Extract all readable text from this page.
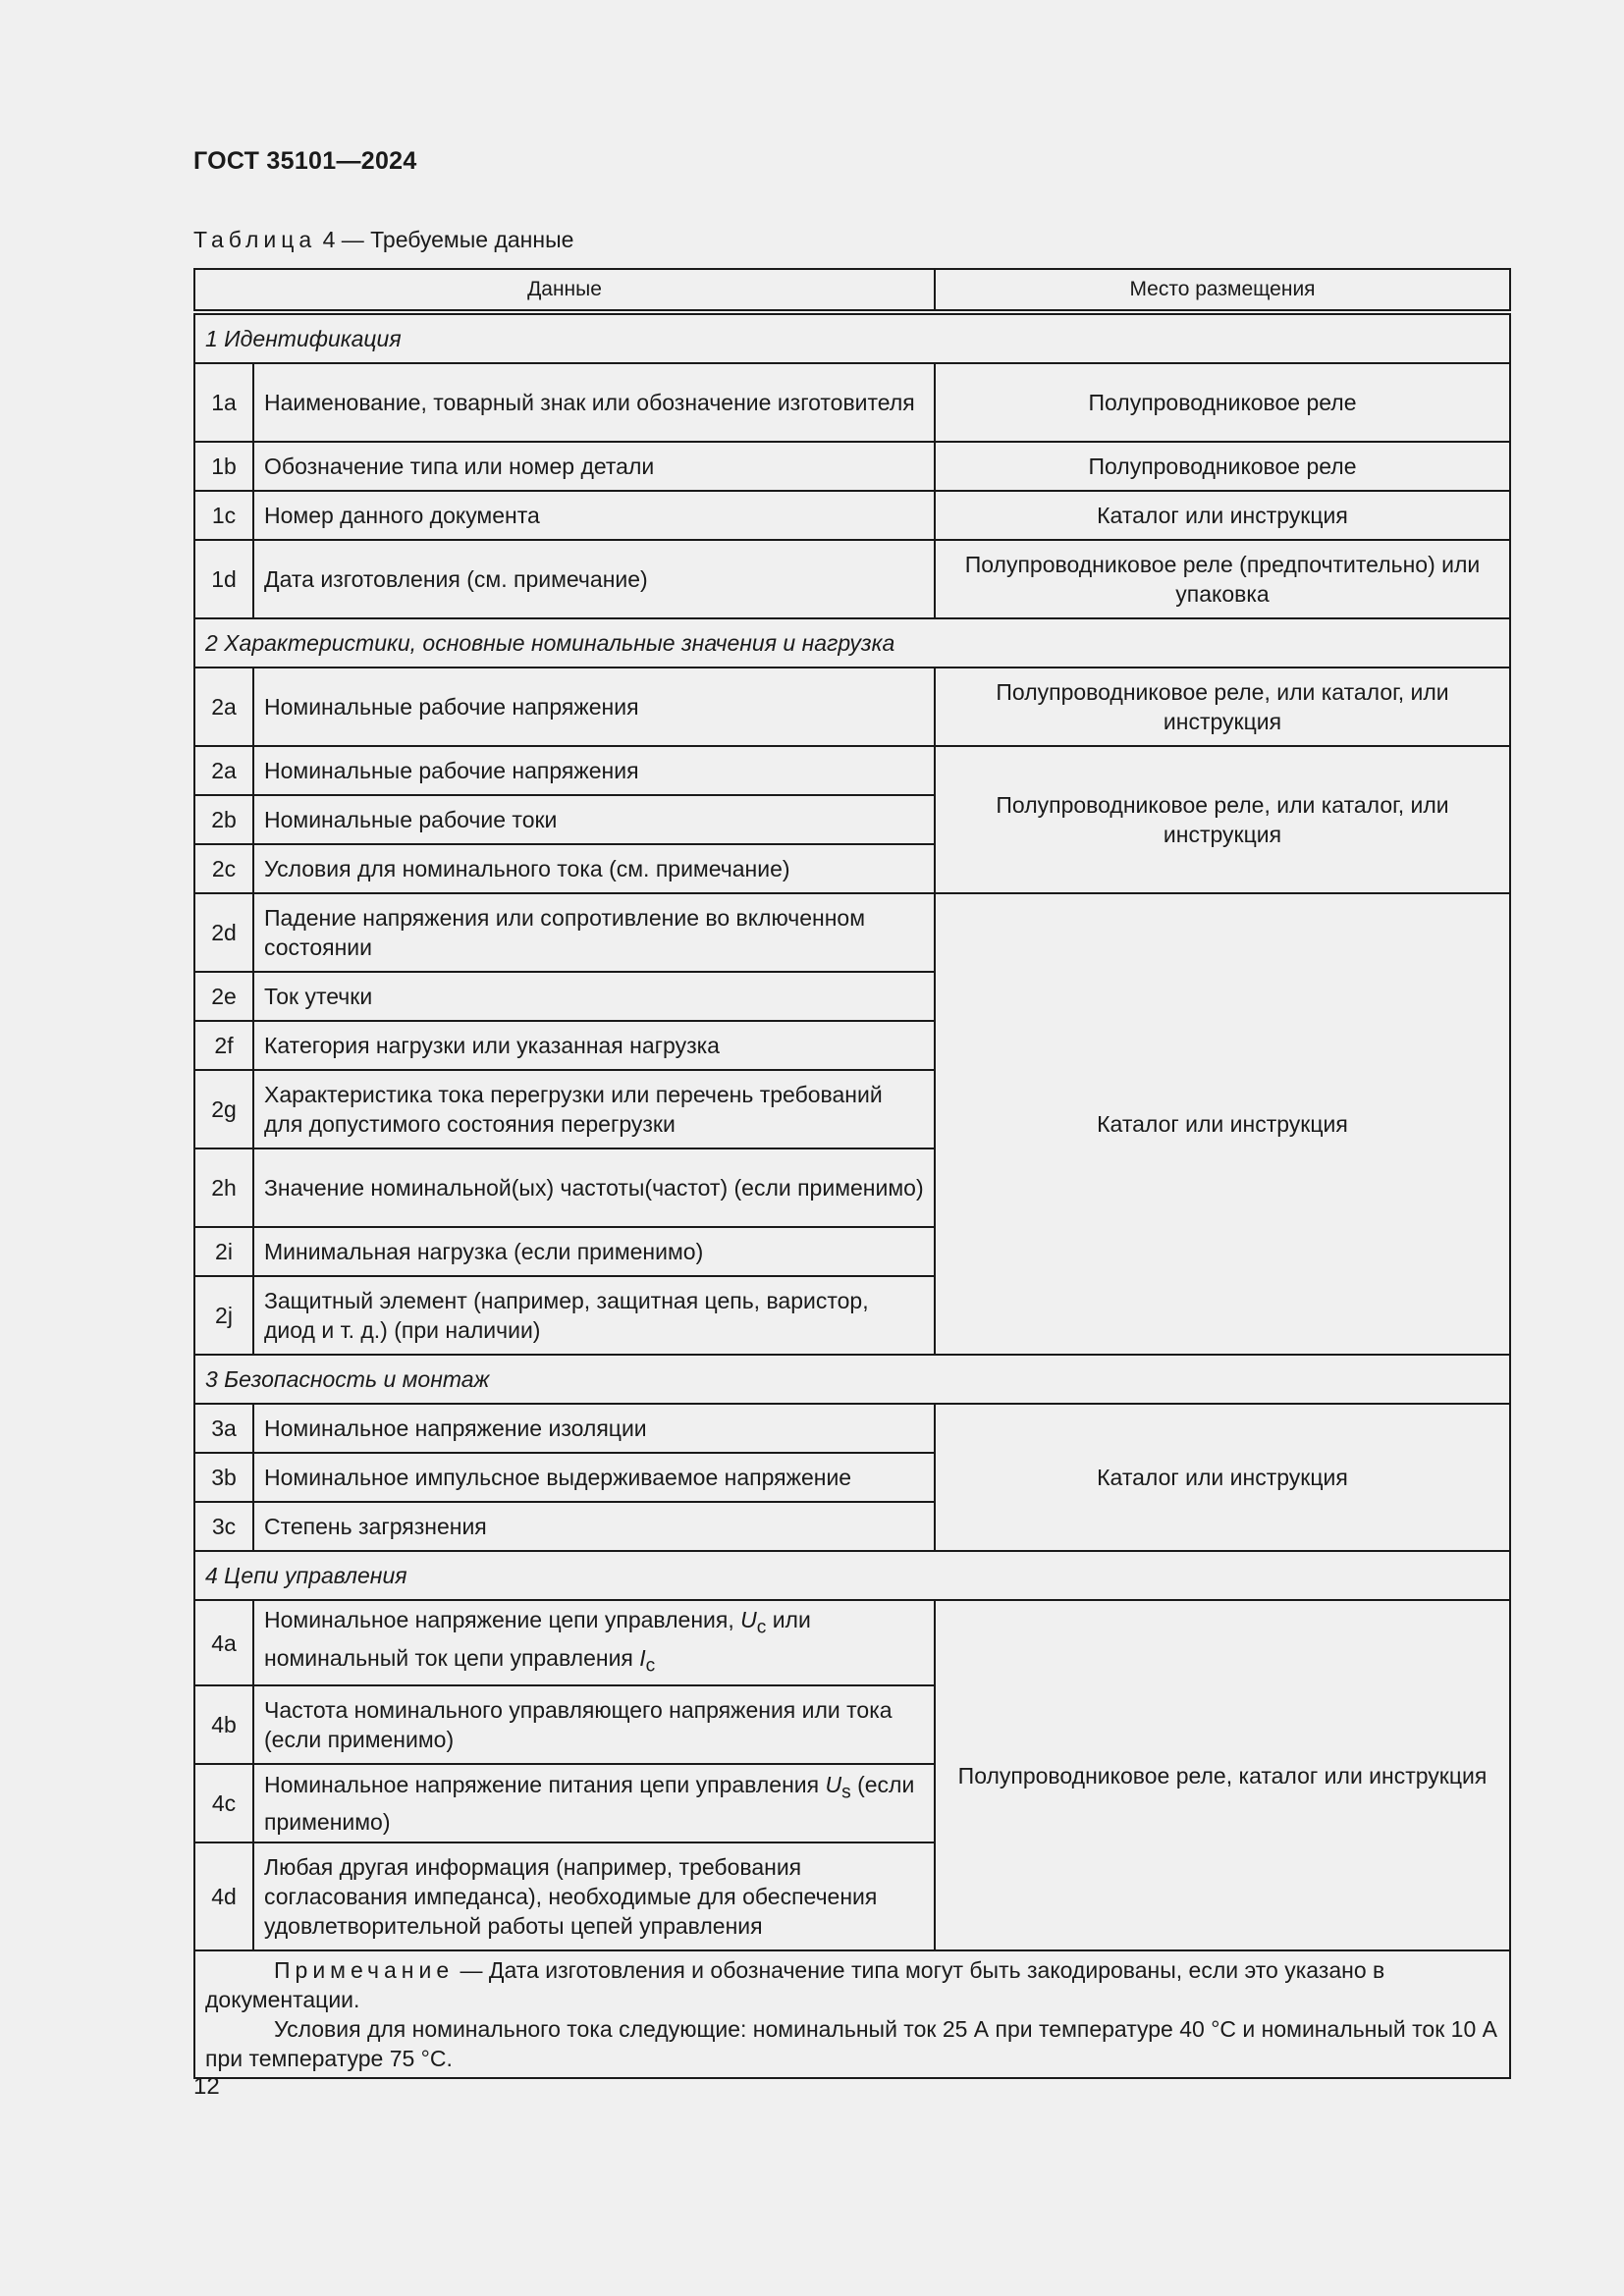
ГОСТ 35101—2024
Таблица 4 — Требуемые данные
Данные		Место размещения
1 Идентификация		
1a	Наименование, товарный знак или обозначение изготовителя	Полупроводниковое реле
1b	Обозначение типа или номер детали	Полупроводниковое реле
1c	Номер данного документа	Каталог или инструкция
1d	Дата изготовления (см. примечание)	Полупроводниковое реле (предпочтительно) или упаковка
2 Характеристики, основные номинальные значения и нагрузка		
2a	Номинальные рабочие напряжения	Полупроводниковое реле, или каталог, или инструкция
2a	Номинальные рабочие напряжения	Полупроводниковое реле, или каталог, или инструкция
2b	Номинальные рабочие токи	
2c	Условия для номинального тока (см. примечание)	
2d	Падение напряжения или сопротивление во включенном состоянии	Каталог или инструкция
2e	Ток утечки	
2f	Категория нагрузки или указанная нагрузка	
2g	Характеристика тока перегрузки или перечень требований для допустимого состояния перегрузки	
2h	Значение номинальной(ых) частоты(частот) (если применимо)	
2i	Минимальная нагрузка (если применимо)	
2j	Защитный элемент (например, защитная цепь, варистор, диод и т. д.) (при наличии)	
3 Безопасность и монтаж		
3a	Номинальное напряжение изоляции	Каталог или инструкция
3b	Номинальное импульсное выдерживаемое напряжение	
3c	Степень загрязнения	
4 Цепи управления		
4a	Номинальное напряжение цепи управления, $U_c$ или номинальный ток цепи управления $I_c$	Полупроводниковое реле, каталог или инструкция
4b	Частота номинального управляющего напряжения или тока (если применимо)	
4c	Номинальное напряжение питания цепи управления $U_s$ (если применимо)	
4d	Любая другая информация (например, требования согласования импеданса), необходимые для обеспечения удовлетворительной работы цепей управления	

Примечание — Дата изготовления и обозначение типа могут быть закодированы, если это указано в документации.

Условия для номинального тока следующие: номинальный ток 25 А при температуре 40 °С и номинальный ток 10 А при температуре 75 °С.		

12
